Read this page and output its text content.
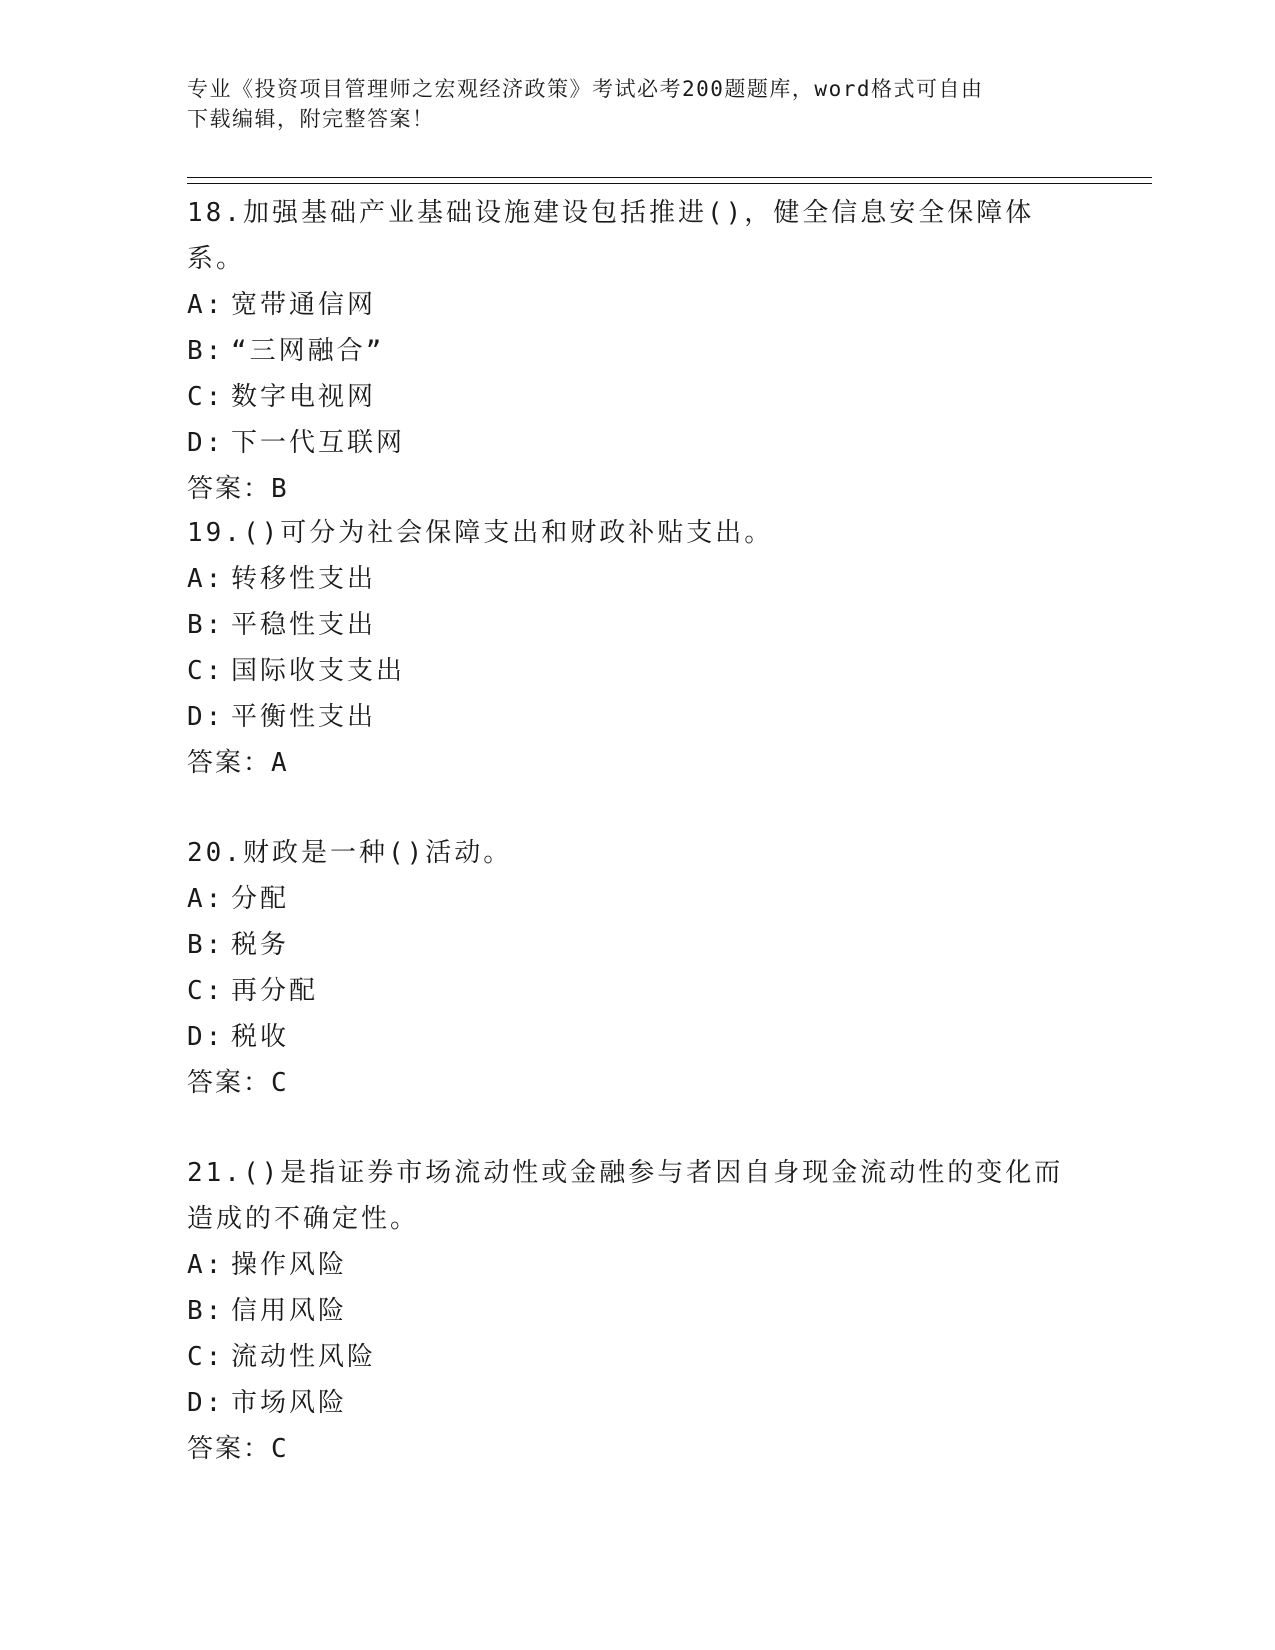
专业《投资项目管理师之宏观经济政策》考试必考200题题库，word格式可自由
下载编辑，附完整答案！
18.加强基础产业基础设施建设包括推进()，健全信息安全保障体系。
A: 宽带通信网
B: “三网融合”
C: 数字电视网
D: 下一代互联网
答案：B
19.()可分为社会保障支出和财政补贴支出。
A: 转移性支出
B: 平稳性支出
C: 国际收支支出
D: 平衡性支出
答案：A
20.财政是一种()活动。
A: 分配
B: 税务
C: 再分配
D: 税收
答案：C
21.()是指证券市场流动性或金融参与者因自身现金流动性的变化而造成的不确定性。
A: 操作风险
B: 信用风险
C: 流动性风险
D: 市场风险
答案：C
